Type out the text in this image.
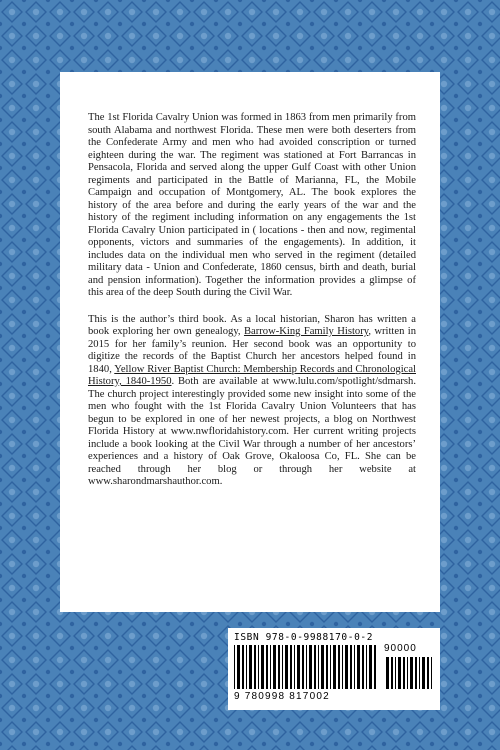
The 1st Florida Cavalry Union was formed in 1863 from men primarily from south Alabama and northwest Florida. These men were both deserters from the Confederate Army and men who had avoided conscription or turned eighteen during the war. The regiment was stationed at Fort Barrancas in Pensacola, Florida and served along the upper Gulf Coast with other Union regiments and participated in the Battle of Marianna, FL, the Mobile Campaign and occupation of Montgomery, AL. The book explores the history of the area before and during the early years of the war and the history of the regiment including information on any engagements the 1st Florida Cavalry Union participated in ( locations - then and now, regimental opponents, victors and summaries of the engagements). In addition, it includes data on the individual men who served in the regiment (detailed military data - Union and Confederate, 1860 census, birth and death, burial and pension information). Together the information provides a glimpse of this area of the deep South during the Civil War.

This is the author’s third book. As a local historian, Sharon has written a book exploring her own genealogy, Barrow-King Family History, written in 2015 for her family’s reunion. Her second book was an opportunity to digitize the records of the Baptist Church her ancestors helped found in 1840, Yellow River Baptist Church: Membership Records and Chronological History, 1840-1950. Both are available at www.lulu.com/spotlight/sdmarsh. The church project interestingly provided some new insight into some of the men who fought with the 1st Florida Cavalry Union Volunteers that has begun to be explored in one of her newest projects, a blog on Northwest Florida History at www.nwfloridahistory.com. Her current writing projects include a book looking at the Civil War through a number of her ancestors’ experiences and a history of Oak Grove, Okaloosa Co, FL. She can be reached through her blog or through her website at www.sharondmarshauthor.com.

ISBN 978-0-9988170-0-2
90000
9 780998 817002
